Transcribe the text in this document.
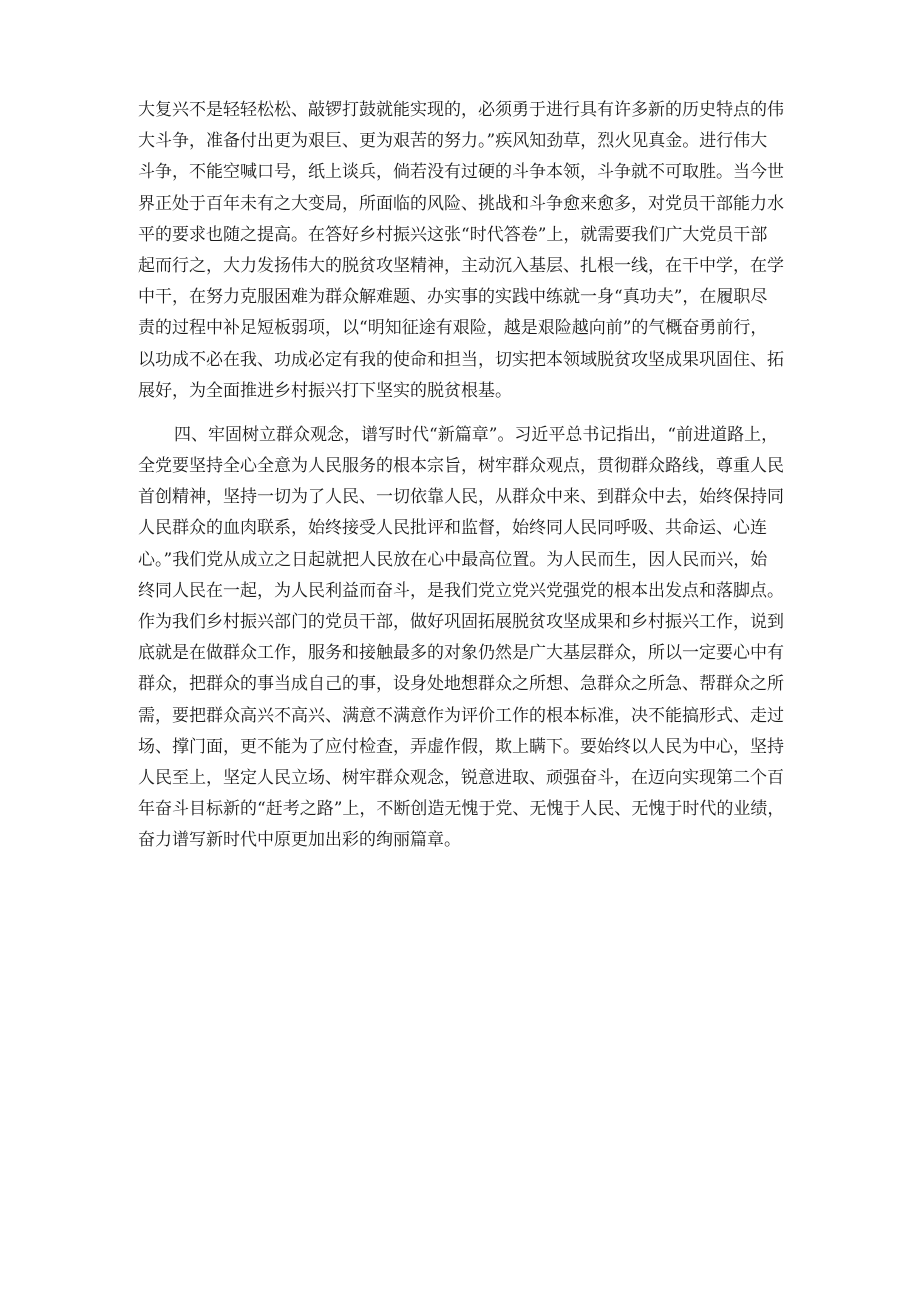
大复兴不是轻轻松松、敲锣打鼓就能实现的，必须勇于进行具有许多新的历史特点的伟
大斗争，准备付出更为艰巨、更为艰苦的努力。”疾风知劲草，烈火见真金。进行伟大
斗争，不能空喊口号，纸上谈兵，倘若没有过硬的斗争本领，斗争就不可取胜。当今世
界正处于百年未有之大变局，所面临的风险、挑战和斗争愈来愈多，对党员干部能力水
平的要求也随之提高。在答好乡村振兴这张“时代答卷”上，就需要我们广大党员干部
起而行之，大力发扬伟大的脱贫攻坚精神，主动沉入基层、扎根一线，在干中学，在学
中干，在努力克服困难为群众解难题、办实事的实践中练就一身“真功夫”，在履职尽
责的过程中补足短板弱项，以“明知征途有艰险，越是艰险越向前”的气概奋勇前行，
以功成不必在我、功成必定有我的使命和担当，切实把本领域脱贫攻坚成果巩固住、拓
展好，为全面推进乡村振兴打下坚实的脱贫根基。
四、牢固树立群众观念，谱写时代“新篇章”。习近平总书记指出，“前进道路上，
全党要坚持全心全意为人民服务的根本宗旨，树牢群众观点，贯彻群众路线，尊重人民
首创精神，坚持一切为了人民、一切依靠人民，从群众中来、到群众中去，始终保持同
人民群众的血肉联系，始终接受人民批评和监督，始终同人民同呼吸、共命运、心连
心。”我们党从成立之日起就把人民放在心中最高位置。为人民而生，因人民而兴，始
终同人民在一起，为人民利益而奋斗，是我们党立党兴党强党的根本出发点和落脚点。
作为我们乡村振兴部门的党员干部，做好巩固拓展脱贫攻坚成果和乡村振兴工作，说到
底就是在做群众工作，服务和接触最多的对象仍然是广大基层群众，所以一定要心中有
群众，把群众的事当成自己的事，设身处地想群众之所想、急群众之所急、帮群众之所
需，要把群众高兴不高兴、满意不满意作为评价工作的根本标准，决不能搞形式、走过
场、撑门面，更不能为了应付检查，弄虚作假，欺上瞒下。要始终以人民为中心，坚持
人民至上，坚定人民立场、树牢群众观念，锐意进取、顽强奋斗，在迈向实现第二个百
年奋斗目标新的“赶考之路”上，不断创造无愧于党、无愧于人民、无愧于时代的业绩，
奋力谱写新时代中原更加出彩的绚丽篇章。
